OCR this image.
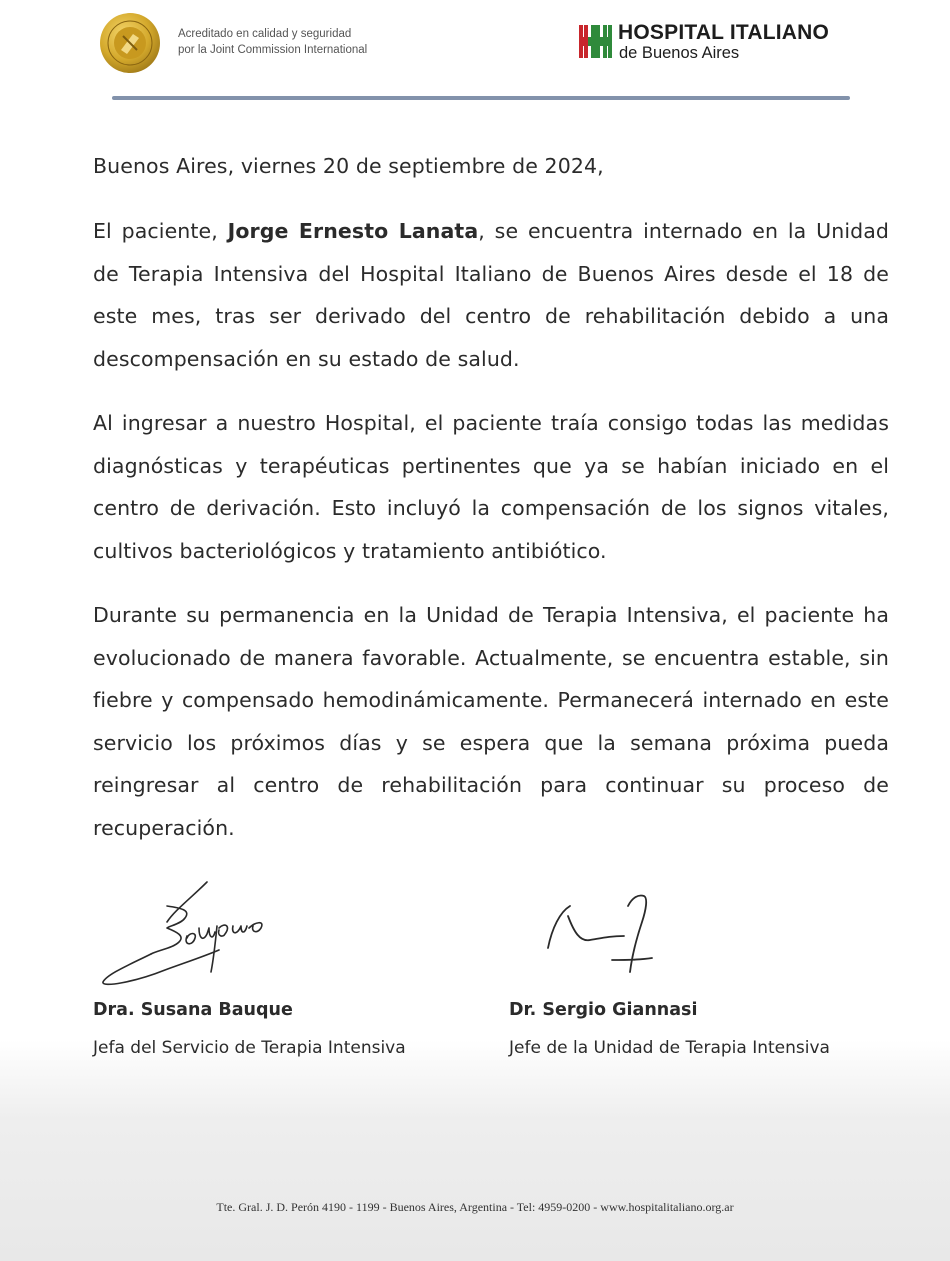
Acreditado en calidad y seguridad
por la Joint Commission International
HOSPITAL ITALIANO
de Buenos Aires
Buenos Aires, viernes 20 de septiembre de 2024,
El paciente, Jorge Ernesto Lanata, se encuentra internado en la Unidad de Terapia Intensiva del Hospital Italiano de Buenos Aires desde el 18 de este mes, tras ser derivado del centro de rehabilitación debido a una descompensación en su estado de salud.
Al ingresar a nuestro Hospital, el paciente traía consigo todas las medidas diagnósticas y terapéuticas pertinentes que ya se habían iniciado en el centro de derivación. Esto incluyó la compensación de los signos vitales, cultivos bacteriológicos y tratamiento antibiótico.
Durante su permanencia en la Unidad de Terapia Intensiva, el paciente ha evolucionado de manera favorable. Actualmente, se encuentra estable, sin fiebre y compensado hemodinámicamente. Permanecerá internado en este servicio los próximos días y se espera que la semana próxima pueda reingresar al centro de rehabilitación para continuar su proceso de recuperación.
Dra. Susana Bauque
Jefa del Servicio de Terapia Intensiva
Dr. Sergio Giannasi
Jefe de la Unidad de Terapia Intensiva
Tte. Gral. J. D. Perón 4190 - 1199 - Buenos Aires, Argentina - Tel: 4959-0200 - www.hospitalitaliano.org.ar
